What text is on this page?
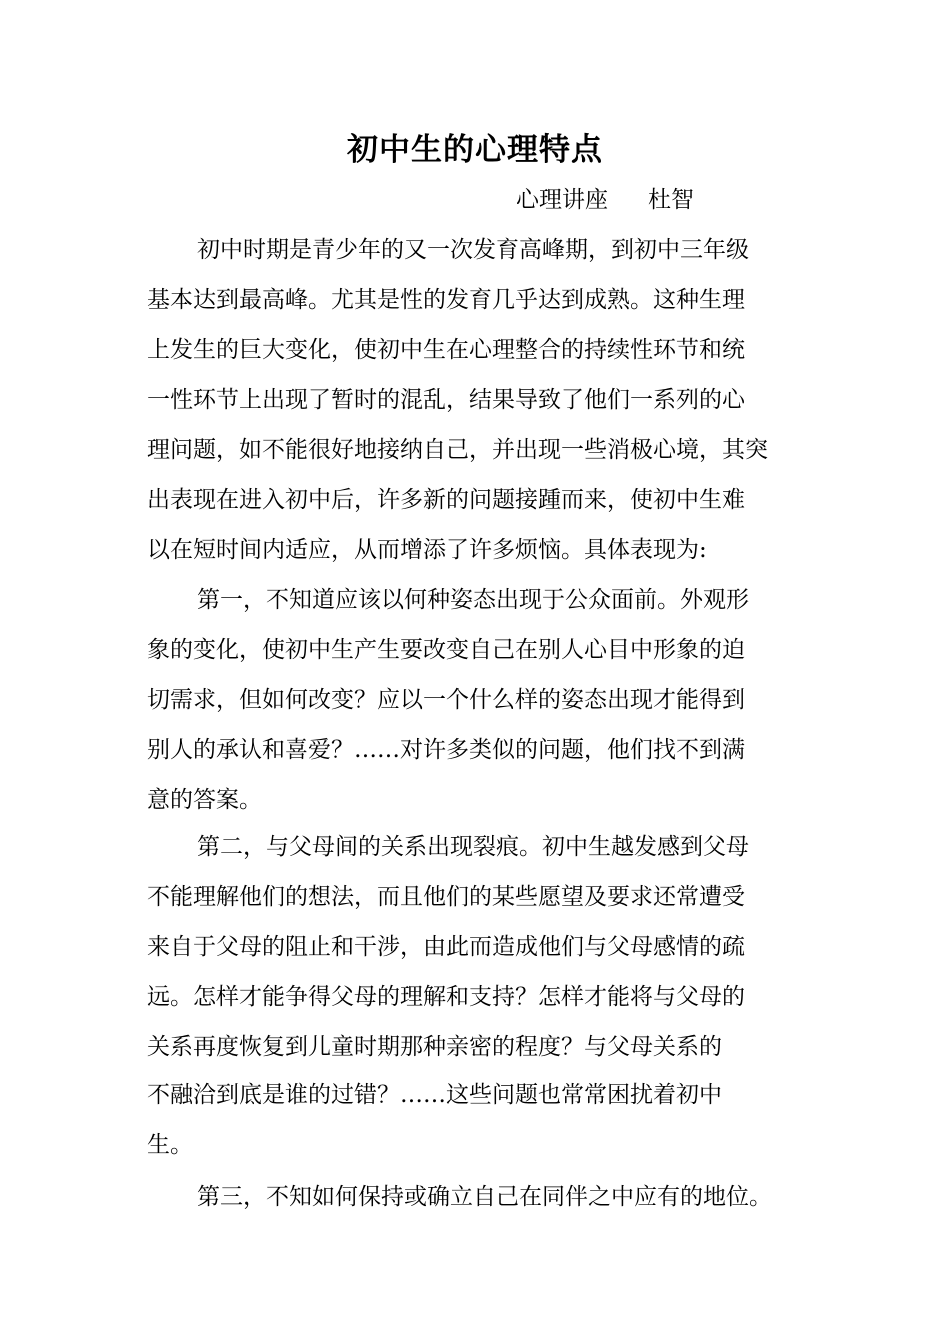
初中生的心理特点
心理讲座 杜智
初中时期是青少年的又一次发育高峰期，到初中三年级
基本达到最高峰。尤其是性的发育几乎达到成熟。这种生理
上发生的巨大变化，使初中生在心理整合的持续性环节和统
一性环节上出现了暂时的混乱，结果导致了他们一系列的心
理问题，如不能很好地接纳自己，并出现一些消极心境，其突
出表现在进入初中后，许多新的问题接踵而来，使初中生难
以在短时间内适应，从而增添了许多烦恼。具体表现为:
第一，不知道应该以何种姿态出现于公众面前。外观形
象的变化，使初中生产生要改变自己在别人心目中形象的迫
切需求，但如何改变？应以一个什么样的姿态出现才能得到
别人的承认和喜爱？……对许多类似的问题，他们找不到满
意的答案。
第二，与父母间的关系出现裂痕。初中生越发感到父母
不能理解他们的想法，而且他们的某些愿望及要求还常遭受
来自于父母的阻止和干涉，由此而造成他们与父母感情的疏
远。怎样才能争得父母的理解和支持？怎样才能将与父母的
关系再度恢复到儿童时期那种亲密的程度？与父母关系的
不融洽到底是谁的过错？……这些问题也常常困扰着初中
生。
第三，不知如何保持或确立自己在同伴之中应有的地位。
